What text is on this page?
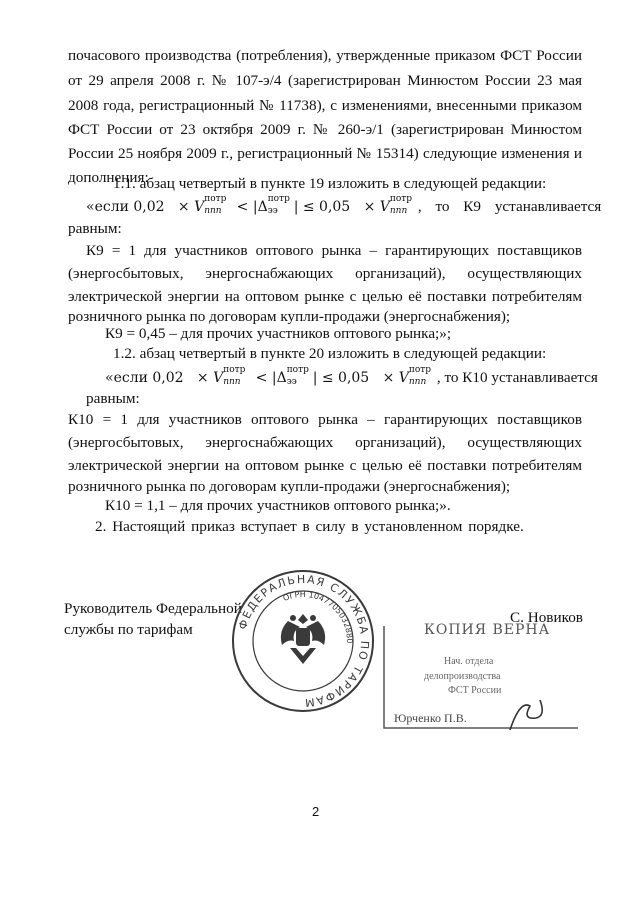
почасового производства (потребления), утвержденные приказом ФСТ России
от 29 апреля 2008 г. № 107-э/4 (зарегистрирован Минюстом России 23 мая
2008 года, регистрационный № 11738), с изменениями, внесенными приказом
ФСТ России от 23 октября 2009 г. № 260-э/1 (зарегистрирован Минюстом
России 25 ноября 2009 г., регистрационный № 15314) следующие изменения и
дополнения:
1.1. абзац четвертый в пункте 19 изложить в следующей редакции:
«если 0,02   × V потр
ппп < |Δ потр
ээ | ≤ 0,05   × V потр
ппп , то К9 устанавливается
равным:
К9 = 1 для участников оптового рынка – гарантирующих поставщиков
(энергосбытовых, энергоснабжающих организаций), осуществляющих
электрической энергии на оптовом рынке с целью её поставки потребителям
розничного рынка по договорам купли-продажи (энергоснабжения);
К9 = 0,45 – для прочих участников оптового рынка;»;
1.2. абзац четвертый в пункте 20 изложить в следующей редакции:
«если 0,02   × V потр
ппп < |Δ потр
ээ | ≤ 0,05   × V потр
ппп , то К10 устанавливается
равным:
К10 = 1 для участников оптового рынка – гарантирующих поставщиков
(энергосбытовых, энергоснабжающих организаций), осуществляющих
электрической энергии на оптовом рынке с целью её поставки потребителям
розничного рынка по договорам купли-продажи (энергоснабжения);
К10 = 1,1 – для прочих участников оптового рынка;».
2. Настоящий приказ вступает в силу в установленном порядке.
Руководитель Федеральной
службы по тарифам
С. Новиков
ФЕДЕРАЛЬНАЯ СЛУЖБА ПО ТАРИФАМ
ОГРН 1047705032880
КОПИЯ ВЕРНА
Нач. отдела
делопроизводства
ФСТ России
Юрченко П.В.
2
